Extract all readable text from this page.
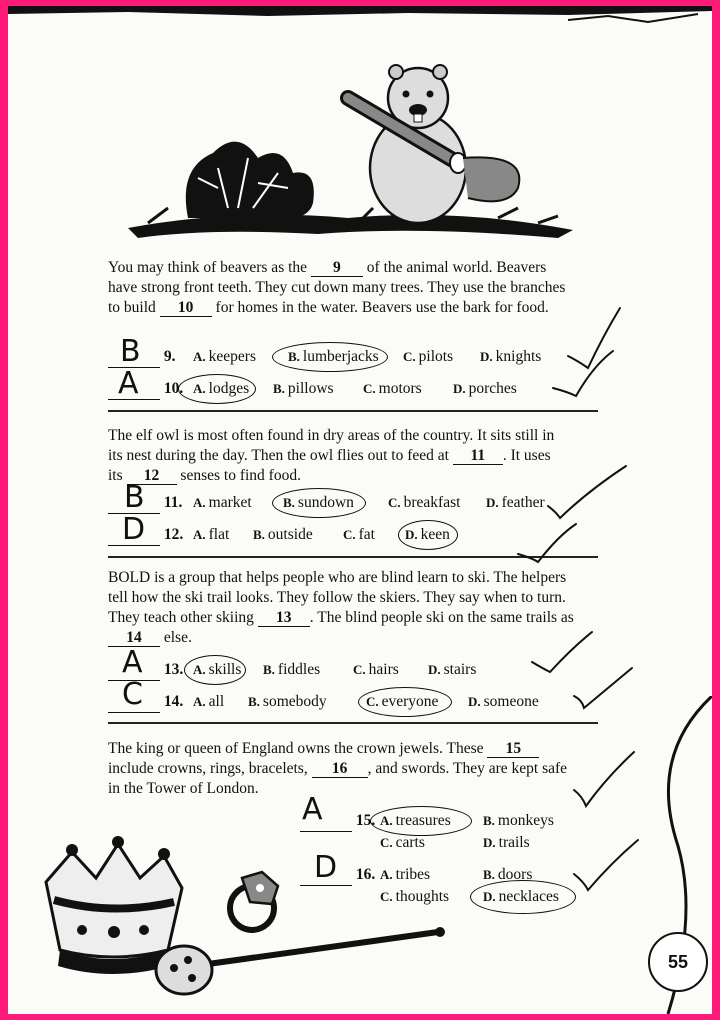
You may think of beavers as the 9 of the animal world. Beavers have strong front teeth. They cut down many trees. They use the branches to build 10 for homes in the water. Beavers use the bark for food.

B 9. A. keepers B. lumberjacks C. pilots D. knights
A 10. A. lodges B. pillows C. motors D. porches

The elf owl is most often found in dry areas of the country. It sits still in its nest during the day. Then the owl flies out to feed at 11 . It uses its 12 senses to find food.

B 11. A. market B. sundown	C. breakfast D. feather
D 12. A. flat B. outside C. fat D. keen

BOLD is a group that helps people who are blind learn to ski. The helpers tell how the ski trail looks. They follow the skiers. They say when to turn. They teach other skiing 13 . The blind people ski on the same trails as 14 else.

A 13. A. skills B. fiddles	C. hairs D. stairs
C 14. A. all B. somebody	C. everyone D. someone

The king or queen of England owns the crown jewels. These 15 include crowns, rings, bracelets, 16 , and swords. They are kept safe in the Tower of London.

A 15. A. treasures B. monkeys
C. carts	D. trails
D 16. A. tribes	B. doors
C. thoughts	D. necklaces
55
